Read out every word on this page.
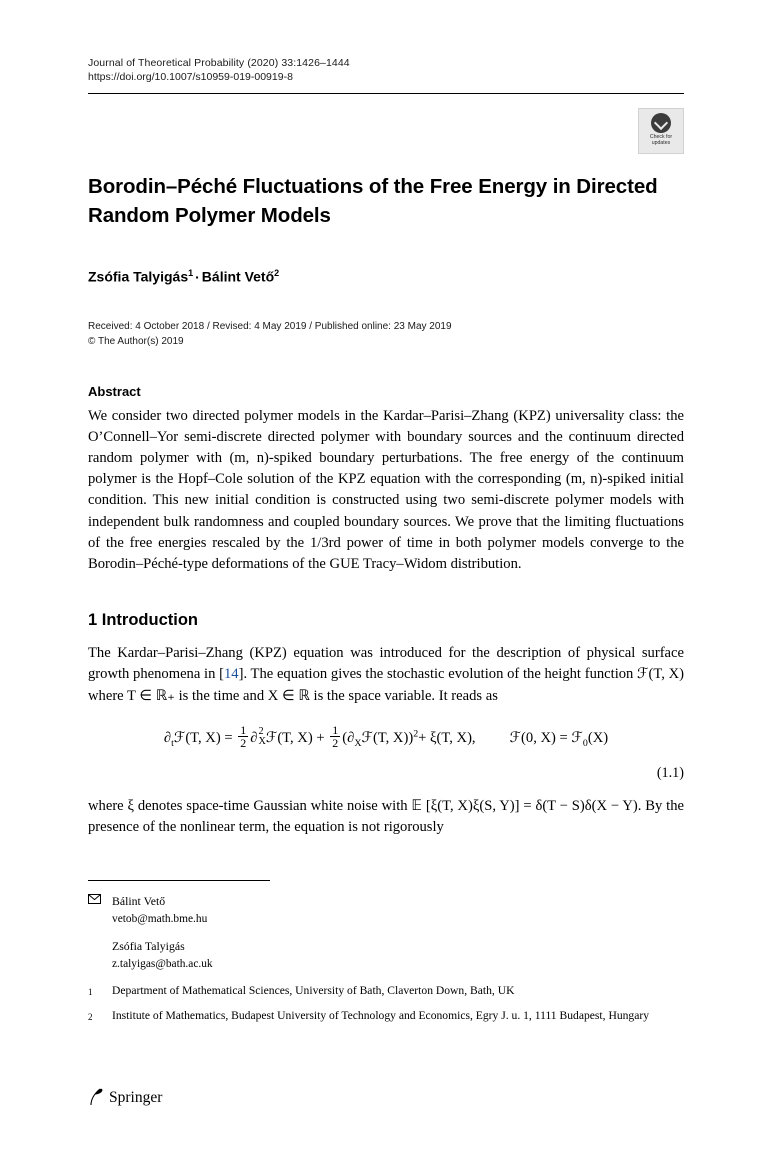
Journal of Theoretical Probability (2020) 33:1426–1444
https://doi.org/10.1007/s10959-019-00919-8
Check for
updates
Borodin–Péché Fluctuations of the Free Energy in Directed Random Polymer Models
Zsófia Talyigás$^1$ · Bálint Vető$^2$
Received: 4 October 2018 / Revised: 4 May 2019 / Published online: 23 May 2019
© The Author(s) 2019
Abstract
We consider two directed polymer models in the Kardar–Parisi–Zhang (KPZ) universality class: the O’Connell–Yor semi-discrete directed polymer with boundary sources and the continuum directed random polymer with (m, n)-spiked boundary perturbations. The free energy of the continuum polymer is the Hopf–Cole solution of the KPZ equation with the corresponding (m, n)-spiked initial condition. This new initial condition is constructed using two semi-discrete polymer models with independent bulk randomness and coupled boundary sources. We prove that the limiting fluctuations of the free energies rescaled by the 1/3rd power of time in both polymer models converge to the Borodin–Péché-type deformations of the GUE Tracy–Widom distribution.
1 Introduction
The Kardar–Parisi–Zhang (KPZ) equation was introduced for the description of physical surface growth phenomena in [14]. The equation gives the stochastic evolution of the height function ℱ(T, X) where T ∈ ℝ₊ is the time and X ∈ ℝ is the space variable. It reads as
$\partial_tℱ(T$, $X) = \frac{1}{2}$ ∂ 2
X ℱ(T, $X) + \frac{1}{2}$ ($\partial_Xℱ(T$, X))$^2$+ ξ(T, X), ℱ(0, X) = ℱ$_0$(X)
(1.1)
where ξ denotes space-time Gaussian white noise with 𝔼 [ξ(T, X)ξ(S, Y)] = δ(T − S)δ(X − Y). By the presence of the nonlinear term, the equation is not rigorously
Bálint Vető
vetob@math.bme.hu
Zsófia Talyigás
z.talyigas@bath.ac.uk
1	Department of Mathematical Sciences, University of Bath, Claverton Down, Bath, UK
2	Institute of Mathematics, Budapest University of Technology and Economics, Egry J. u. 1, 1111 Budapest, Hungary
Springer
